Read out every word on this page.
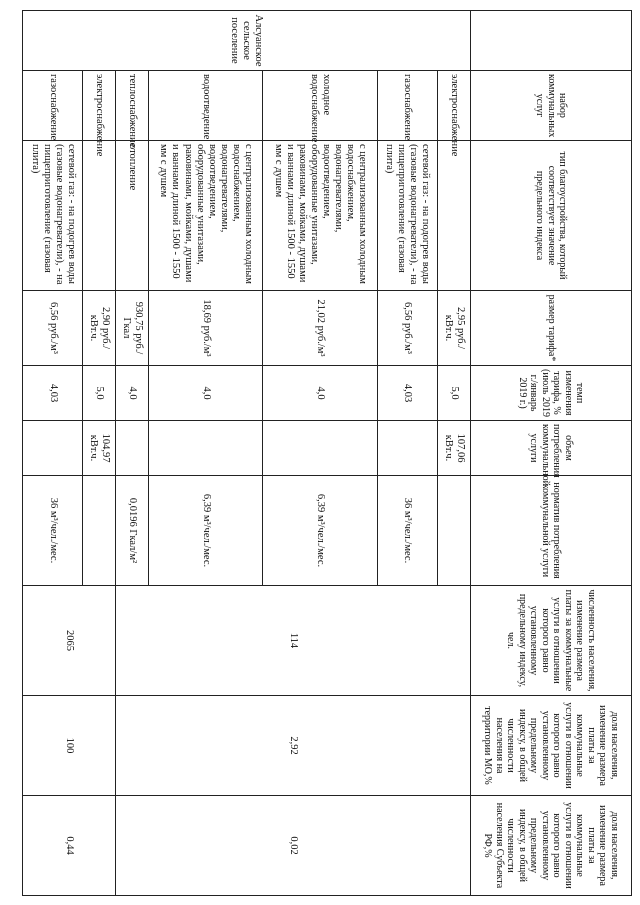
	набор коммунальных услуг	тип благоустройства, который соответствует значение предельного индекса	размер тарифа*	темп изменения тарифа, % (июль 2019 г./январь 2019 г.)	объем потребления коммунальной услуги	норматив потребления коммунальной услуги	численность населения, изменение размера платы за коммунальные услуги в отношении которого равно установленному предельному индексу, чел.	доля населения, изменение размера платы за коммунальные услуги в отношении которого равно установленному предельному индексу, в общей численности населения на территории МО,%	доля населения, изменение размера платы за коммунальные услуги в отношении которого равно установленному предельному индексу, в общей численности населения Субъекта РФ,%
Алсуанское сельское поселение	электроснабжение		2,95 руб./кВт.ч.	5,0	107,06 кВт.ч.		114	2,92	0,02
	газоснабжение	сетевой газ: - на подогрев воды (газовые водонагреватели), - на пищеприготовление (газовая плита)	6,56 руб./м³	4,03		36 м³/чел./мес.			
	холодное водоснабжение	с централизованным холодным водоснабжением, водонагревателями, водоотведением, оборудованные унитазами, раковинами, мойками, душами и ваннами длиной 1500 - 1550 мм с душем	21,02 руб./м³	4,0		6,39 м³/чел./мес.			
	водоотведение	с централизованным холодным водоснабжением, водонагревателями, водоотведением, оборудованные унитазами, раковинами, мойками, душами и ваннами длиной 1500 - 1550 мм с душем	18,69 руб./м³	4,0		6,39 м³/чел./мес.			
	теплоснабжение	отопление	930,75 руб./Гкал	4,0		0,0196 Гкал/м²			
	электроснабжение		2,90 руб./кВт.ч.	5,0	104,97 кВт.ч.		2065	100	0,44
	газоснабжение	сетевой газ: - на подогрев воды (газовые водонагреватели), - на пищеприготовление (газовая плита)	6,56 руб./м³	4,03		36 м³/чел./мес.			
